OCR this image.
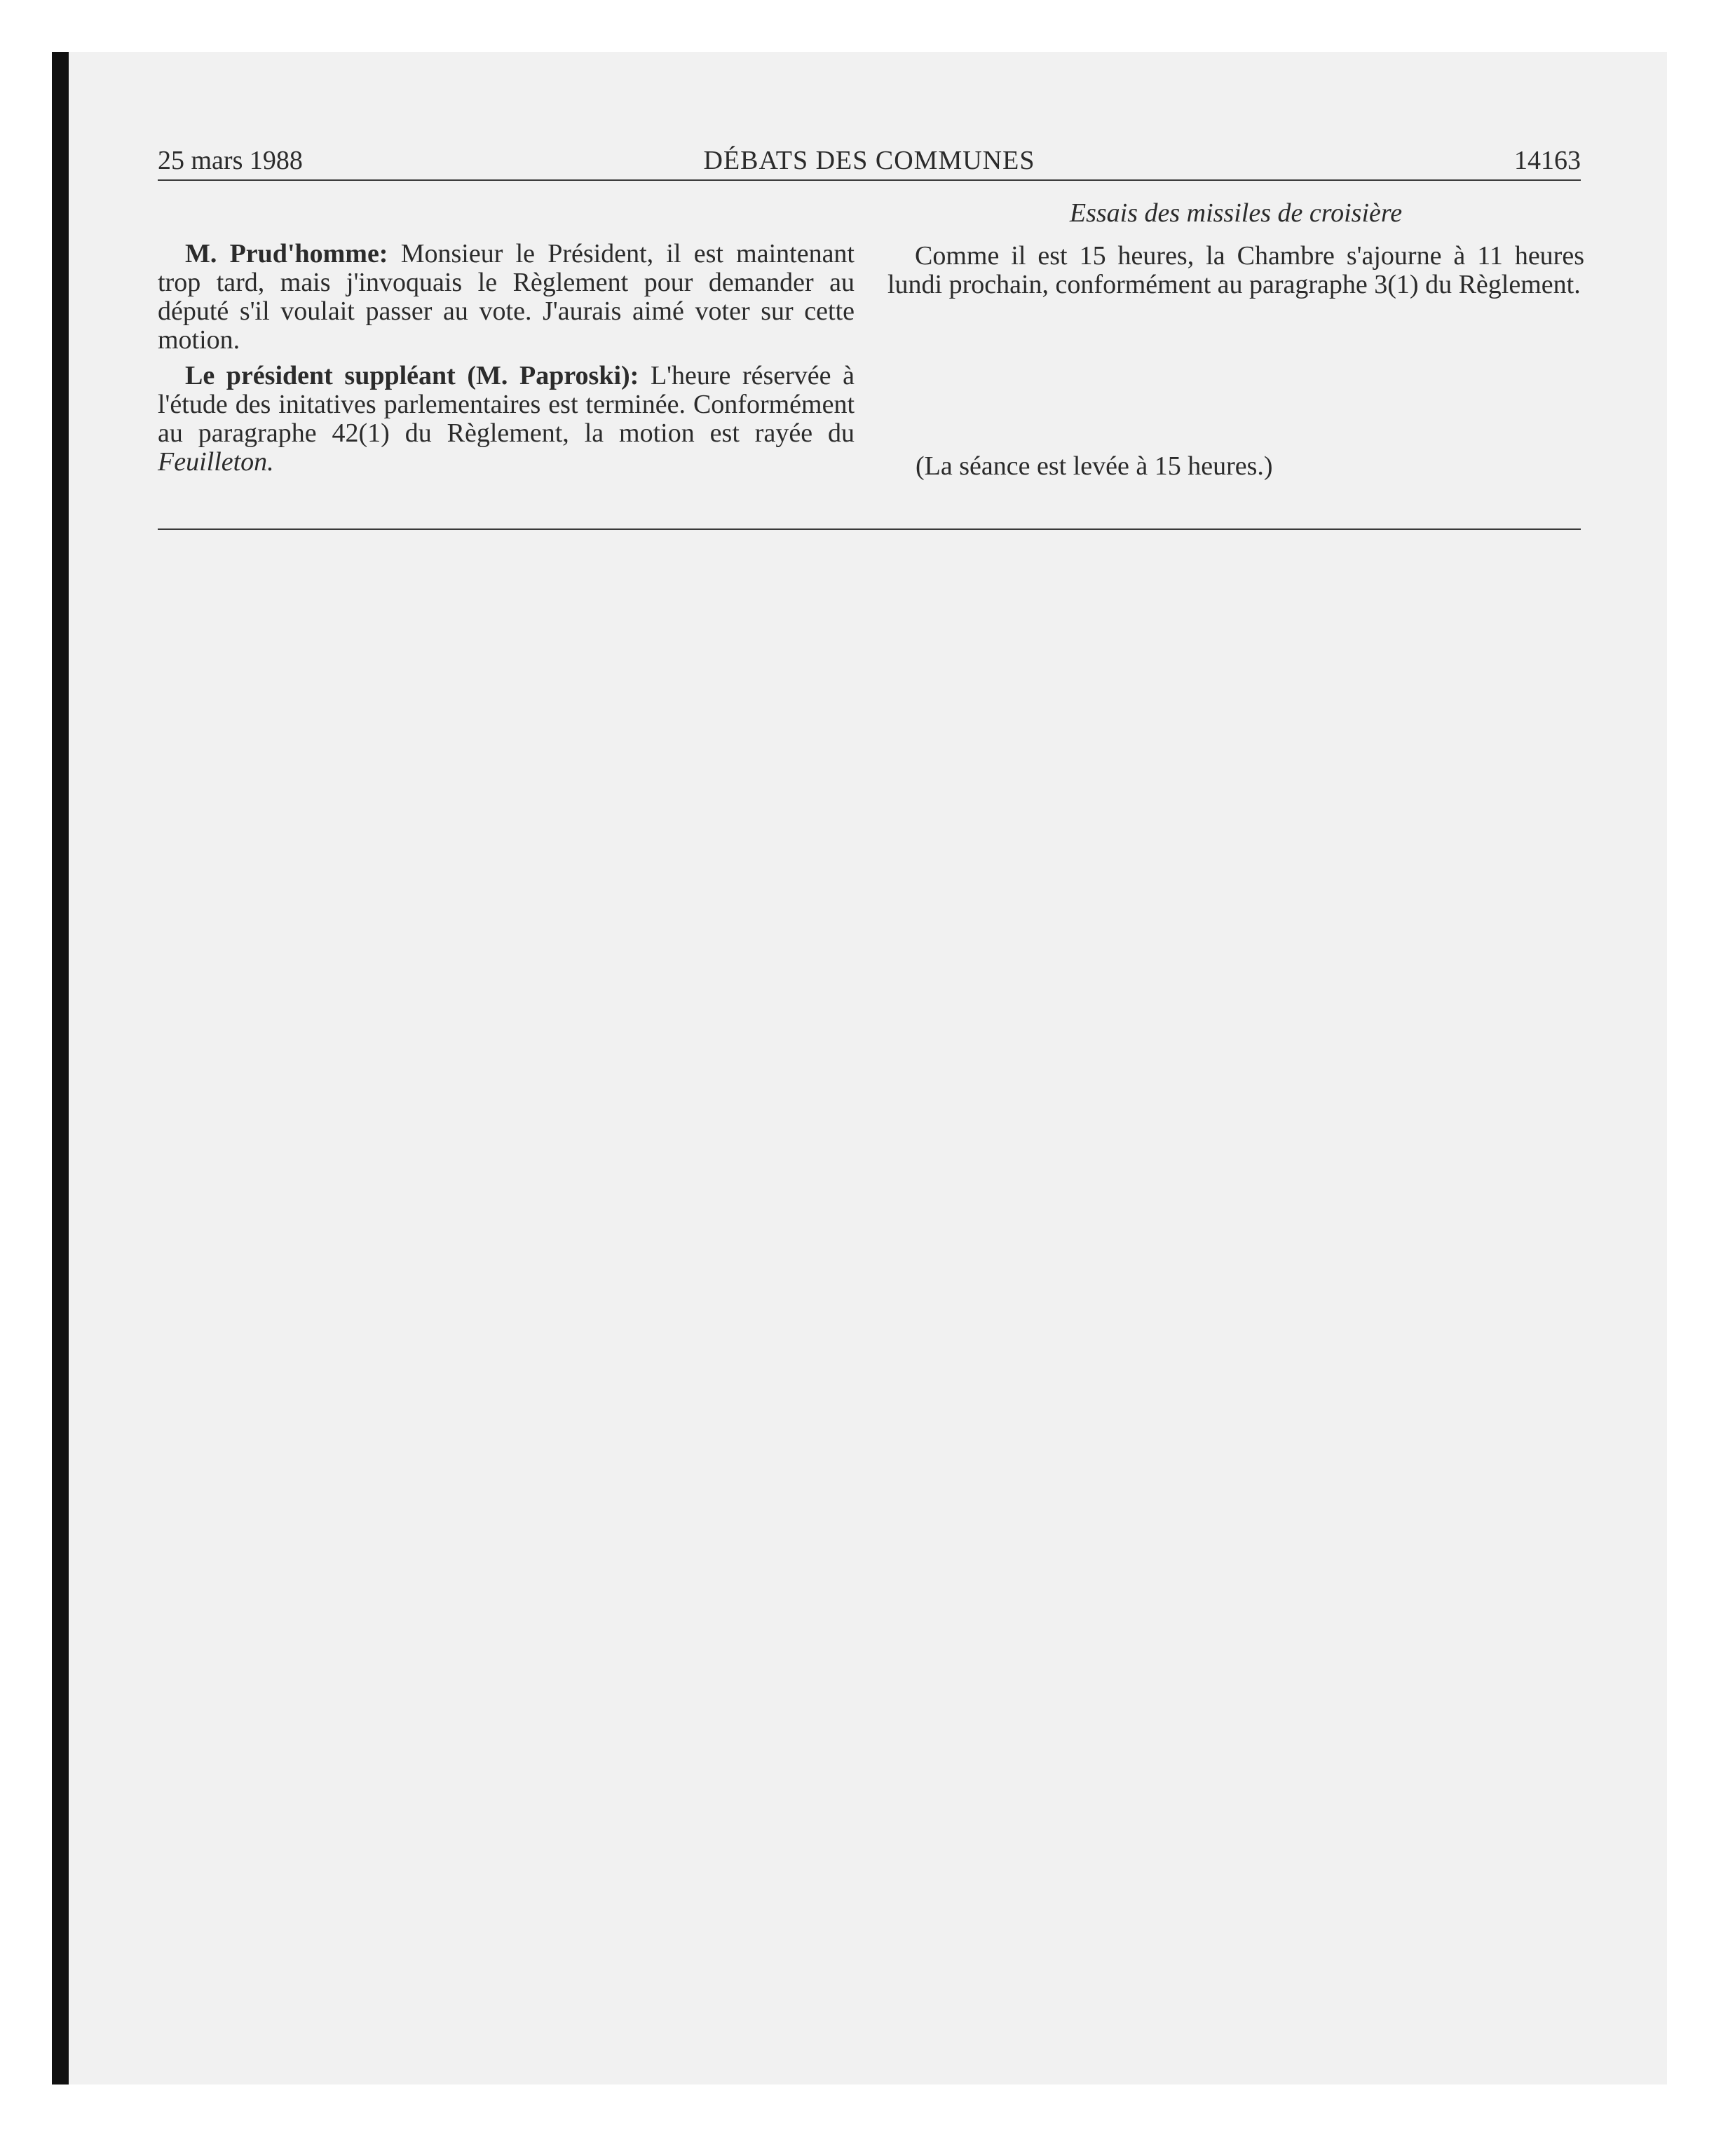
DÉBATS DES COMMUNES
25 mars 1988	14163

M. Prud'homme: Monsieur le Président, il est maintenant trop tard, mais j'invoquais le Règlement pour demander au député s'il voulait passer au vote. J'aurais aimé voter sur cette motion.

Le président suppléant (M. Paproski): L'heure réservée à l'étude des initatives parlementaires est terminée. Conformément au paragraphe 42(1) du Règlement, la motion est rayée du Feuilleton.

Essais des missiles de croisière

Comme il est 15 heures, la Chambre s'ajourne à 11 heures lundi prochain, conformément au paragraphe 3(1) du Règlement.

(La séance est levée à 15 heures.)
